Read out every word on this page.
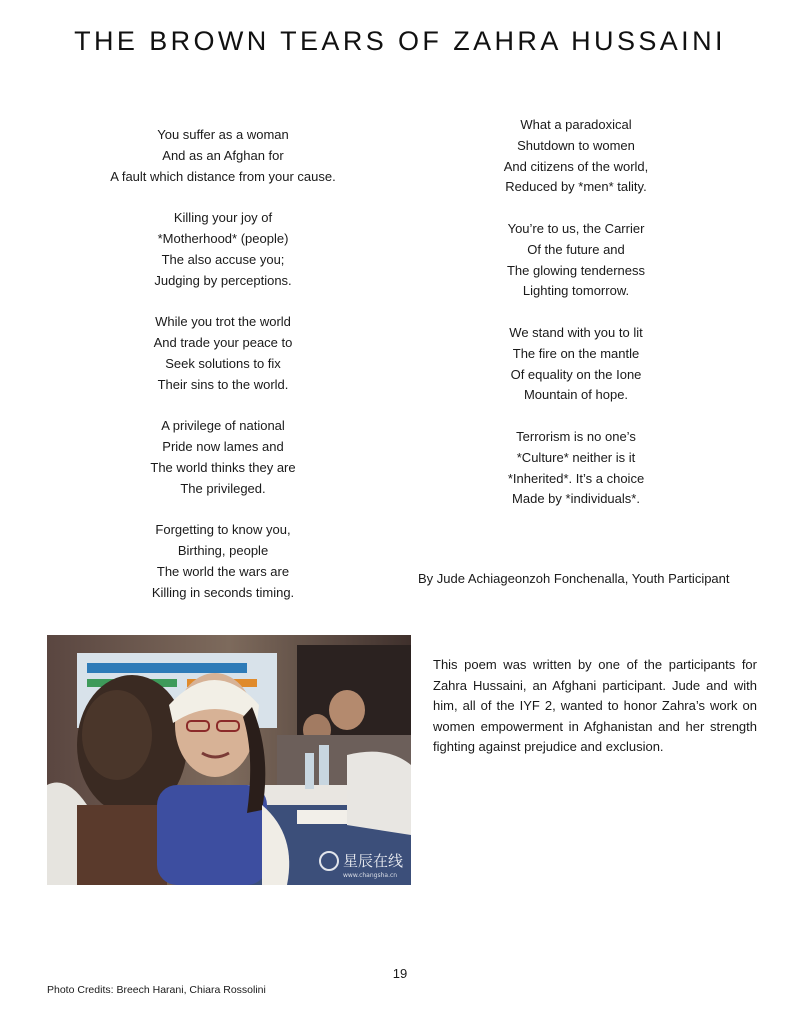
THE BROWN TEARS OF ZAHRA HUSSAINI
You suffer as a woman
And as an Afghan for
A fault which distance from your cause.
Killing your joy of
*Motherhood* (people)
The also accuse you;
Judging by perceptions.
While you trot the world
And trade your peace to
Seek solutions to fix
Their sins to the world.
A privilege of national
Pride now lames and
The world thinks they are
The privileged.
Forgetting to know you,
Birthing, people
The world the wars are
Killing in seconds timing.
What a paradoxical
Shutdown to women
And citizens of the world,
Reduced by *men* tality.
You’re to us, the Carrier
Of the future and
The glowing tenderness
Lighting tomorrow.
We stand with you to lit
The fire on the mantle
Of equality on the Ione
Mountain of hope.
Terrorism is no one’s
*Culture* neither is it
*Inherited*. It’s a choice
Made by *individuals*.
By Jude Achiageonzoh Fonchenalla, Youth Participant
星辰在线
www.changsha.cn
This poem was written by one of the participants for Zahra Hussaini, an Afghani participant. Jude and with him, all of the IYF 2, wanted to honor Zahra’s work on women empowerment in Afghanistan and her strength fighting against prejudice and exclusion.
19
Photo Credits: Breech Harani, Chiara Rossolini
